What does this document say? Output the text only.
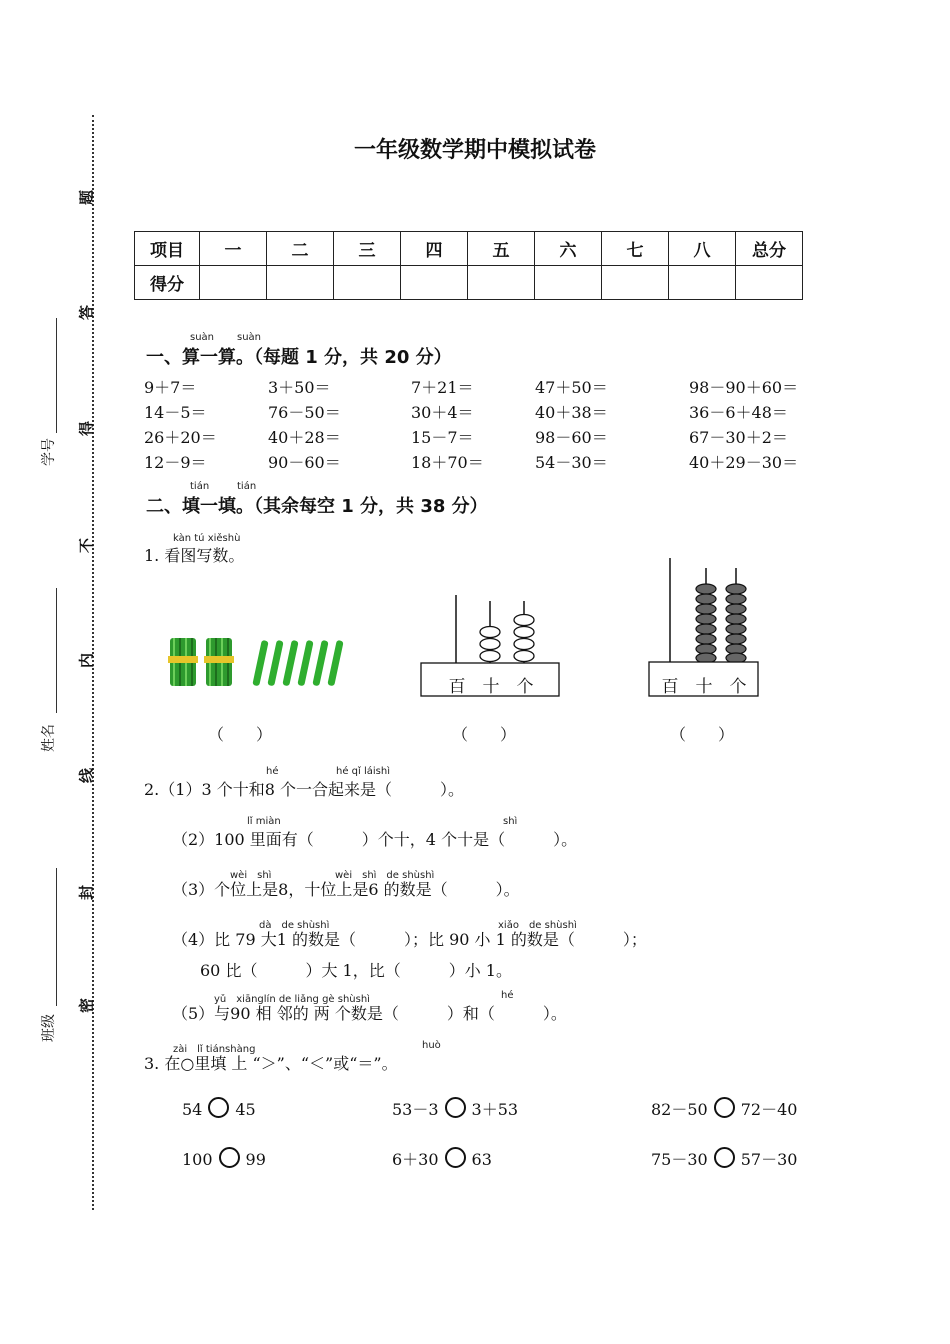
题
答
得
不
内
线
封
密
学号
姓名
班级
一年级数学期中模拟试卷
项目	一	二	三	四	五	六	七	八	总分
得分									
suàn suàn
一、算一算。（每题 1 分，共 20 分）
9＋7＝	3＋50＝	7＋21＝	47＋50＝	98－90＋60＝
14－5＝	76－50＝	30＋4＝	40＋38＝	36－6＋48＝
26＋20＝	40＋28＝	15－7＝	98－60＝	67－30＋2＝
12－9＝	90－60＝	18＋70＝	54－30＝	40＋29－30＝
tián	tián
二、填一填。（其余每空 1 分，共 38 分）
kàn tú xiěshù
1. 看图写数。
百　十　个	百　十　个
（　　）	（　　）	（　　）
hé	hé qǐ láishì
2.（1）3 个十和8 个一合起来是（　　　）。
lǐ miàn	shì
（2）100 里面有（　　　）个十，4 个十是（　　　）。
wèi　shì	wèi　shì　de shùshì
（3）个位上是8，十位上是6 的数是（　　　）。
dà　de shùshì	xiǎo　de shùshì
（4）比 79 大1 的数是（　　　）；比 90 小 1 的数是（　　　）；
60 比（　　　）大 1，比（　　　）小 1。
yǔ　xiānglín de liǎng gè shùshì	hé
（5）与90 相 邻的 两 个数是（　　　）和（　　　）。
zài　lǐ tiánshàng	huò
3. 在○里填 上 “＞”、“＜”或“＝”。
54 45	53－3 3＋53	82－50 72－40
100 99	6＋30 63	75－30 57－30
